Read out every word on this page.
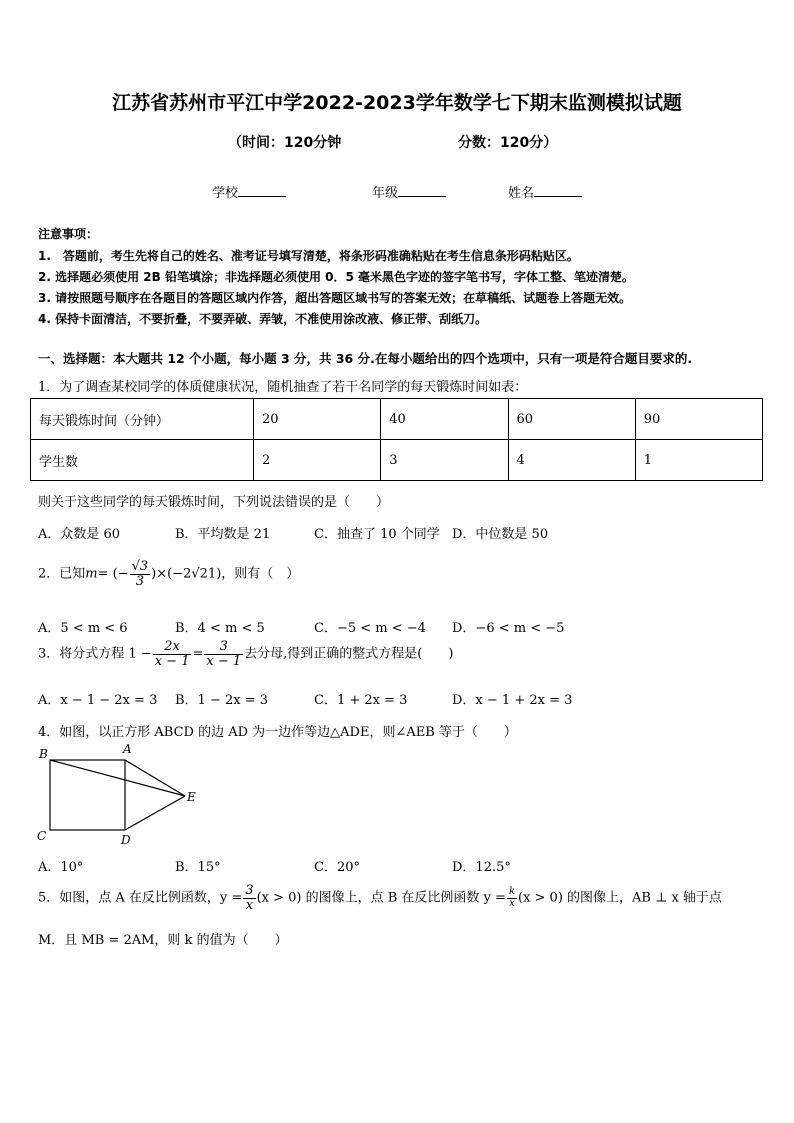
江苏省苏州市平江中学2022-2023学年数学七下期末监测模拟试题
（时间：120分钟	分数：120分）
学校	年级	姓名
注意事项：
1.　答题前，考生先将自己的姓名、准考证号填写清楚，将条形码准确粘贴在考生信息条形码粘贴区。
2. 选择题必须使用 2B 铅笔填涂；非选择题必须使用 0．5 毫米黑色字迹的签字笔书写，字体工整、笔迹清楚。
3. 请按照题号顺序在各题目的答题区域内作答，超出答题区域书写的答案无效；在草稿纸、试题卷上答题无效。
4. 保持卡面清洁，不要折叠，不要弄破、弄皱，不准使用涂改液、修正带、刮纸刀。
一、选择题：本大题共 12 个小题，每小题 3 分，共 36 分.在每小题给出的四个选项中，只有一项是符合题目要求的.
1．为了调查某校同学的体质健康状况，随机抽查了若干名同学的每天锻炼时间如表：
每天锻炼时间（分钟）	20	40	60	90
学生数	2	3	4	1
则关于这些同学的每天锻炼时间，下列说法错误的是（　　）
A．众数是 60	B．平均数是 21	C．抽查了 10 个同学 D．中位数是 50
2．已知m= (− $\frac{√3}{3} )\times(-2√21)$，则有（　）
A．5 < m < 6	B．4 < m < 5	C．−5 < m < −4 D．−6 < m < −5
3．将分式方程 $1 - \frac{2x}{x - 1} = \frac{3}{x - 1}$ 去分母,得到正确的整式方程是(　　)
A．x − 1 − 2x = 3 B．1 − 2x = 3	C．1 + 2x = 3	D．x − 1 + 2x = 3
4．如图，以正方形 ABCD 的边 AD 为一边作等边△ADE，则∠AEB 等于（　　）
B	A
C	D
E
A．10°	B．15°	C．20°	D．12.5°
5．如图，点 A 在反比例函数，$y = \frac{3}{x} (x > 0)$ 的图像上，点 B 在反比例函数 $y = \frac{k}{x} (x > 0)$ 的图像上，AB ⊥ x 轴于点
M．且 MB = 2AM，则 k 的值为（　　）
